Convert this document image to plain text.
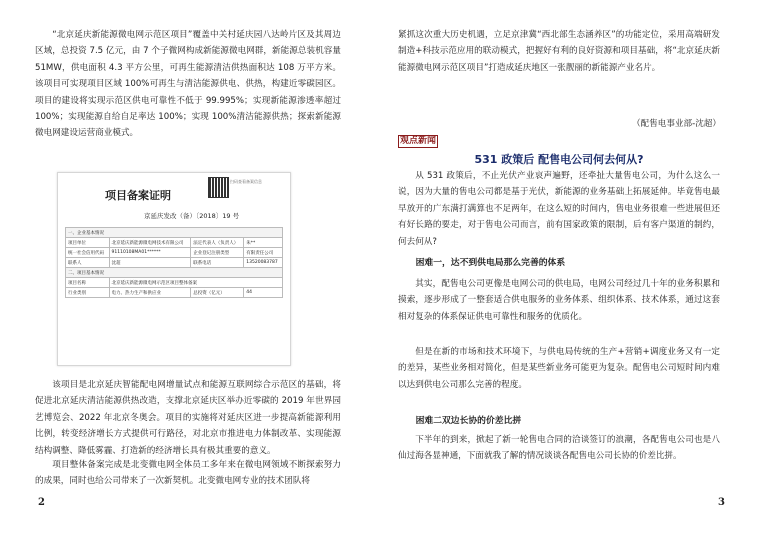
“北京延庆新能源微电网示范区项目”覆盖中关村延庆园八达岭片区及其周边区域，总投资 7.5 亿元，由 7 个子微网构成新能源微电网群，新能源总装机容量 51MW，供电面积 4.3 平方公里，可再生能源清洁供热面积达 108 万平方米。该项目可实现项目区域 100%可再生与清洁能源供电、供热，构建近零碳园区。项目的建设将实现示范区供电可靠性不低于 99.995%；实现新能源渗透率超过 100%；实现能源自给自足率达 100%；实现 100%清洁能源供热；探索新能源微电网建设运营商业模式。

项目备案证明
扫码查看备案信息
京延庆发改（备）〔2018〕19 号
一、企业基本情况			
项目单位	北京延庆新能源微电网技术有限公司	法定代表人（负责人）	朱**
统一社会信用代码	91110108MA01******	企业登记注册类型	有限责任公司
联系人	沈超	联系电话	13520083787
二、项目基本情况			
项目名称	北京延庆新能源微电网示范区项目整体备案		
行业类别	电力、热力生产和供应业	总投资（亿元）	44

该项目是北京延庆智能配电网增量试点和能源互联网综合示范区的基础，将促进北京延庆清洁能源供热改造，支撑北京延庆区举办近零碳的 2019 年世界园艺博览会、2022 年北京冬奥会。项目的实施将对延庆区进一步提高新能源利用比例，转变经济增长方式提供可行路径，对北京市推进电力体制改革、实现能源结构调整、降低雾霾、打造新的经济增长具有极其重要的意义。

项目整体备案完成是北变微电网全体员工多年来在微电网领域不断探索努力的成果，同时也给公司带来了一次新契机。北变微电网专业的技术团队将

2

紧抓这次重大历史机遇，立足京津冀“西北部生态涵养区”的功能定位，采用高端研发制造+科技示范应用的联动模式，把握好有利的良好资源和项目基础，将“北京延庆新能源微电网示范区项目”打造成延庆地区一张靓丽的新能源产业名片。

（配售电事业部-沈超）
观点新闻
531 政策后 配售电公司何去何从?

从 531 政策后，不止光伏产业哀声遍野，还牵扯大量售电公司，为什么这么一说，因为大量的售电公司都是基于光伏，新能源的业务基础上拓展延伸。毕竟售电最早放开的广东满打满算也不足两年，在这么短的时间内，售电业务很难一些进展但还有好长路的要走，对于售电公司而言，前有国家政策的限制，后有客户渠道的制约，何去何从?

困难一，达不到供电局那么完善的体系

其实，配售电公司更像是电网公司的供电局，电网公司经过几十年的业务积累和摸索，逐步形成了一整套适合供电服务的业务体系、组织体系、技术体系，通过这套相对复杂的体系保证供电可靠性和服务的优质化。

但是在新的市场和技术环境下，与供电局传统的生产+营销+调度业务又有一定的差异，某些业务相对简化，但是某些新业务可能更为复杂。配售电公司短时间内难以达到供电公司那么完善的程度。

困难二双边长协的价差比拼

下半年的到来，掀起了新一轮售电合同的洽谈签订的浪潮，各配售电公司也是八仙过海各显神通，下面就我了解的情况谈谈各配售电公司长协的价差比拼。

3
